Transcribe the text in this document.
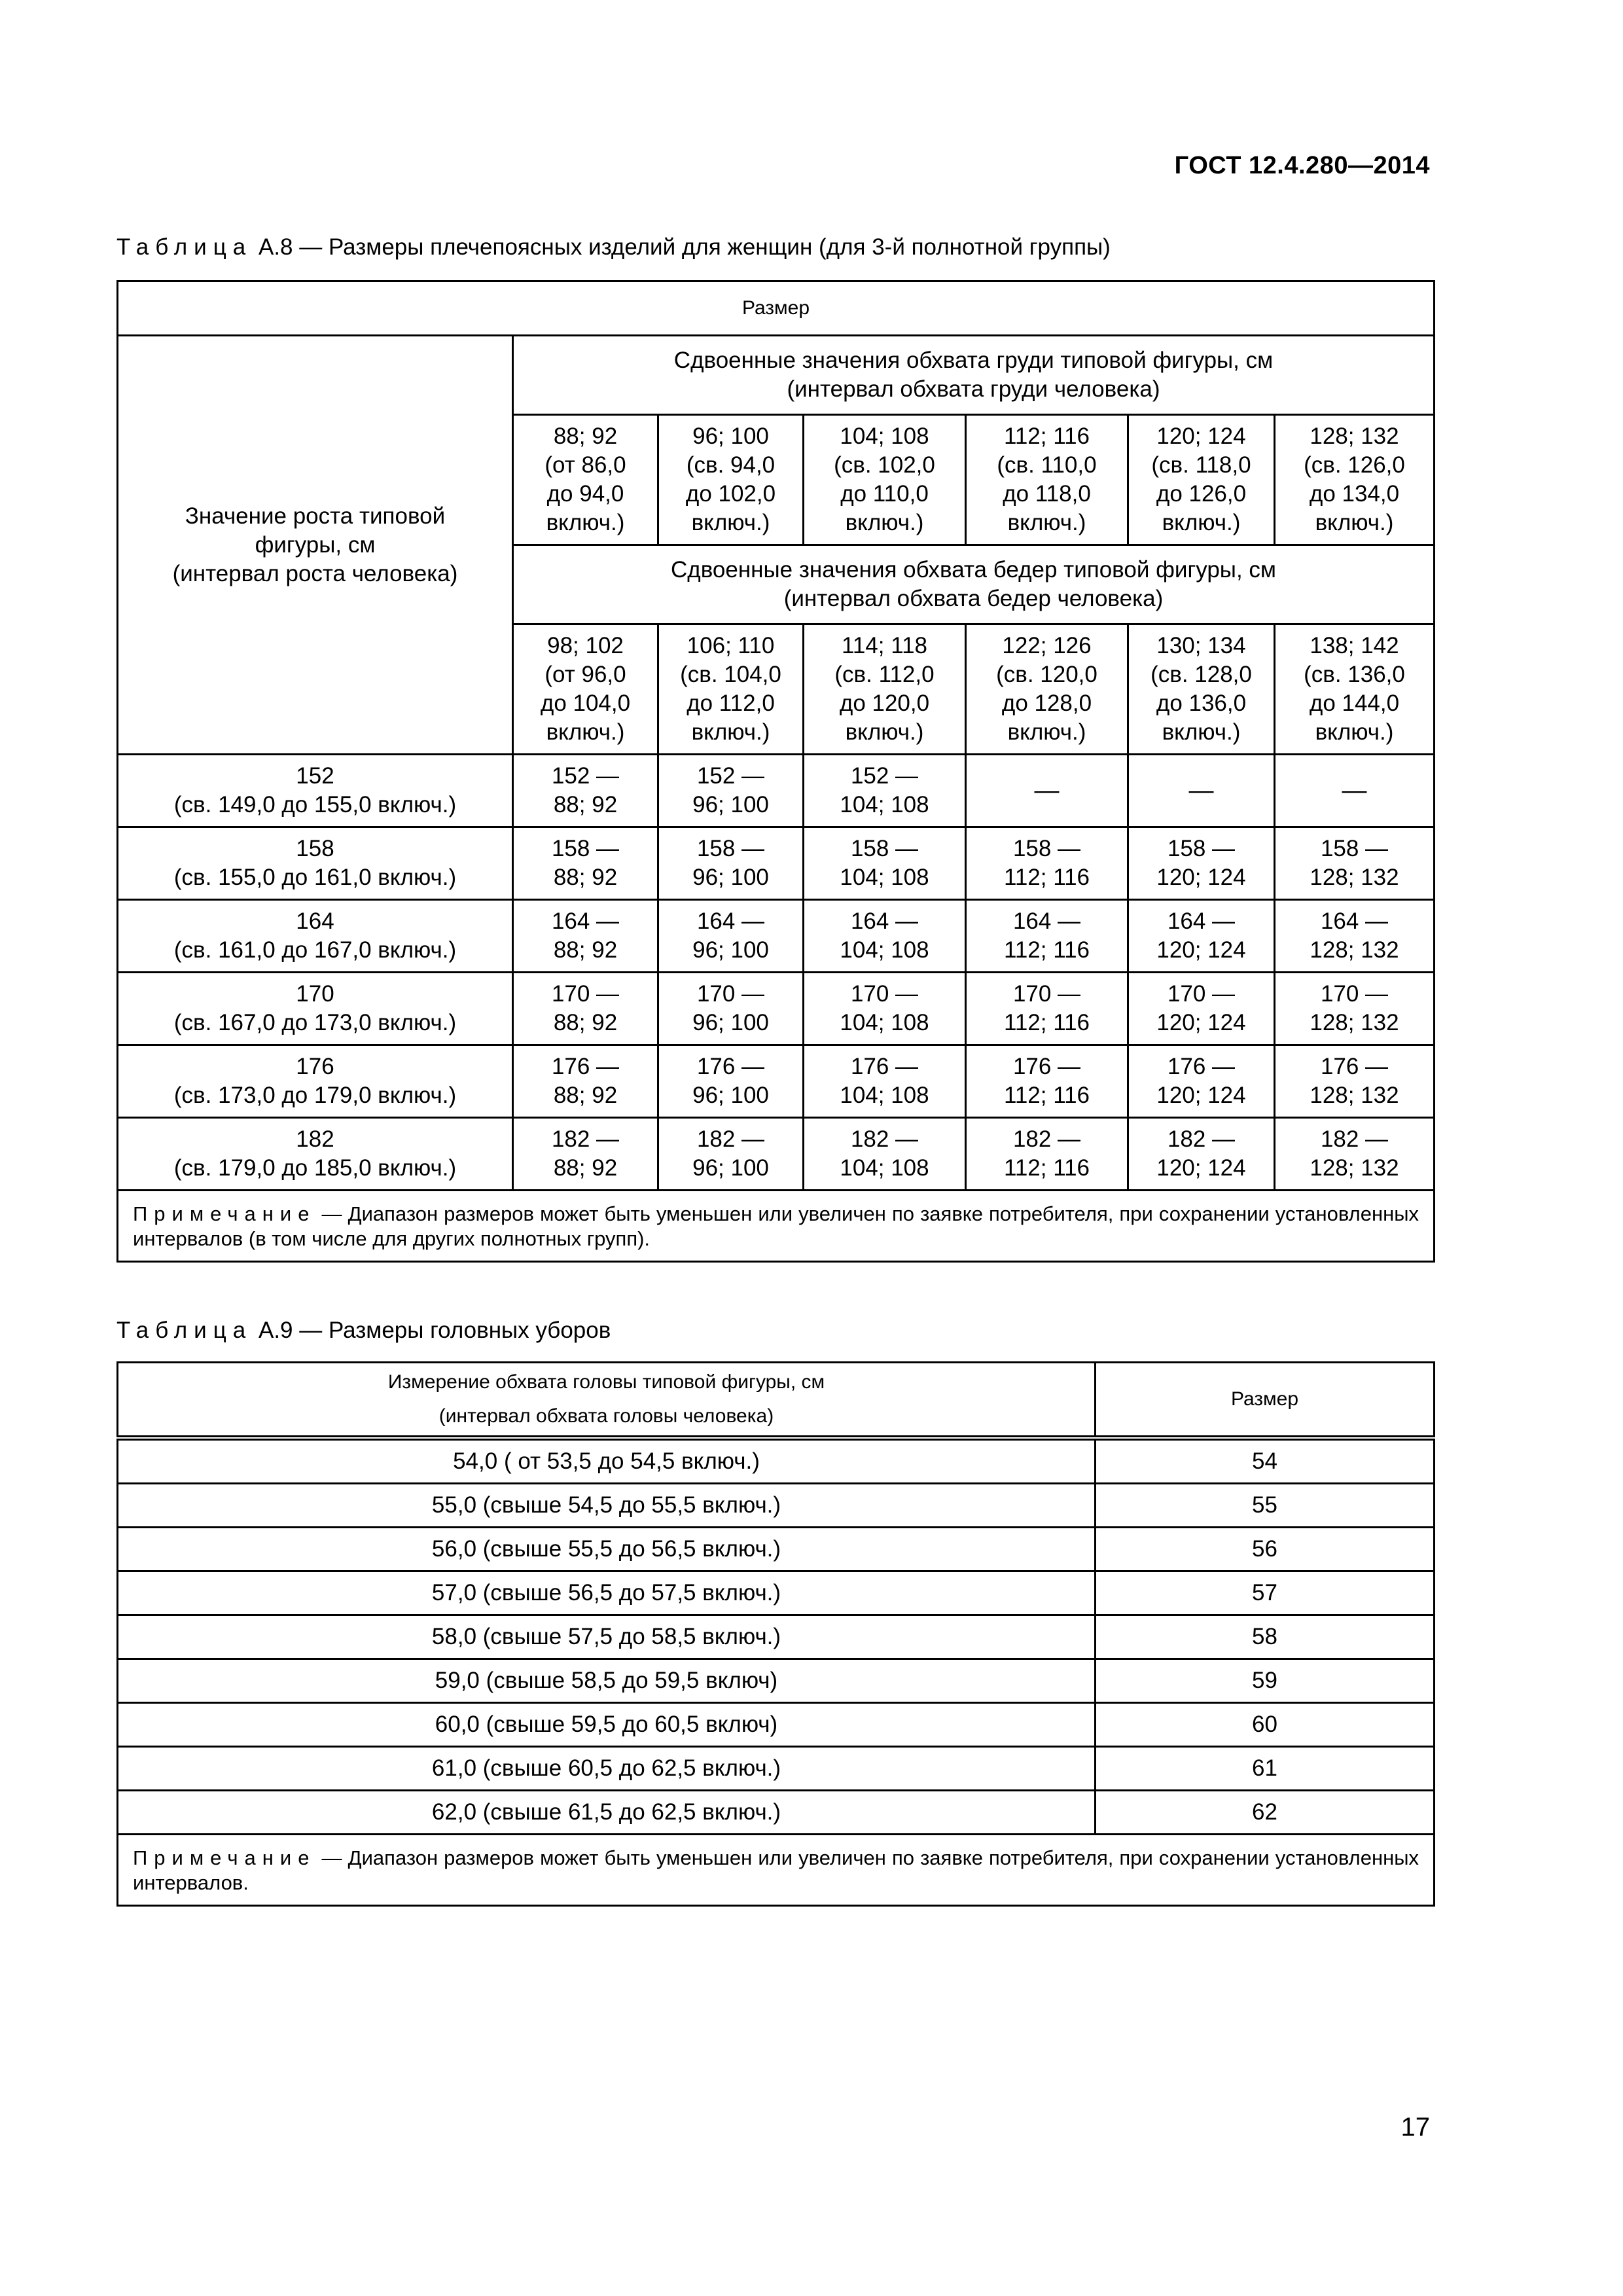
ГОСТ 12.4.280—2014
Таблица А.8 — Размеры плечепоясных изделий для женщин (для 3-й полнотной группы)
Размер						

Значение роста типовой
фигуры, см
(интервал роста человека)	Сдвоенные значения обхвата груди типовой фигуры, см
(интервал обхвата груди человека)					

	88; 92
(от 86,0
до 94,0
включ.)	96; 100
(св. 94,0
до 102,0
включ.)	104; 108
(св. 102,0
до 110,0
включ.)	112; 116
(св. 110,0
до 118,0
включ.)	120; 124
(св. 118,0
до 126,0
включ.)	128; 132
(св. 126,0
до 134,0
включ.)

	Сдвоенные значения обхвата бедер типовой фигуры, см
(интервал обхвата бедер человека)					

	98; 102
(от 96,0
до 104,0
включ.)	106; 110
(св. 104,0
до 112,0
включ.)	114; 118
(св. 112,0
до 120,0
включ.)	122; 126
(св. 120,0
до 128,0
включ.)	130; 134
(св. 128,0
до 136,0
включ.)	138; 142
(св. 136,0
до 144,0
включ.)

152
(св. 149,0 до 155,0 включ.)	152 —
88; 92	152 —
96; 100	152 —
104; 108	—	—	—

158
(св. 155,0 до 161,0 включ.)	158 —
88; 92	158 —
96; 100	158 —
104; 108	158 —
112; 116	158 —
120; 124	158 —
128; 132

164
(св. 161,0 до 167,0 включ.)	164 —
88; 92	164 —
96; 100	164 —
104; 108	164 —
112; 116	164 —
120; 124	164 —
128; 132

170
(св. 167,0 до 173,0 включ.)	170 —
88; 92	170 —
96; 100	170 —
104; 108	170 —
112; 116	170 —
120; 124	170 —
128; 132

176
(св. 173,0 до 179,0 включ.)	176 —
88; 92	176 —
96; 100	176 —
104; 108	176 —
112; 116	176 —
120; 124	176 —
128; 132

182
(св. 179,0 до 185,0 включ.)	182 —
88; 92	182 —
96; 100	182 —
104; 108	182 —
112; 116	182 —
120; 124	182 —
128; 132

Примечание — Диапазон размеров может быть уменьшен или увеличен по заявке потребителя, при сохранении установленных интервалов (в том числе для других полнотных групп).						
Таблица А.9 — Размеры головных уборов
Измерение обхвата головы типовой фигуры, см
(интервал обхвата головы человека)	Размер
54,0 ( от 53,5 до 54,5 включ.)	54
55,0 (свыше 54,5 до 55,5 включ.)	55
56,0 (свыше 55,5 до 56,5 включ.)	56
57,0 (свыше 56,5 до 57,5 включ.)	57
58,0 (свыше 57,5 до 58,5 включ.)	58
59,0 (свыше 58,5 до 59,5 включ)	59
60,0 (свыше 59,5 до 60,5 включ)	60
61,0 (свыше 60,5 до 62,5 включ.)	61
62,0 (свыше 61,5 до 62,5 включ.)	62
Примечание — Диапазон размеров может быть уменьшен или увеличен по заявке потребителя, при сохранении установленных интервалов.	
17
